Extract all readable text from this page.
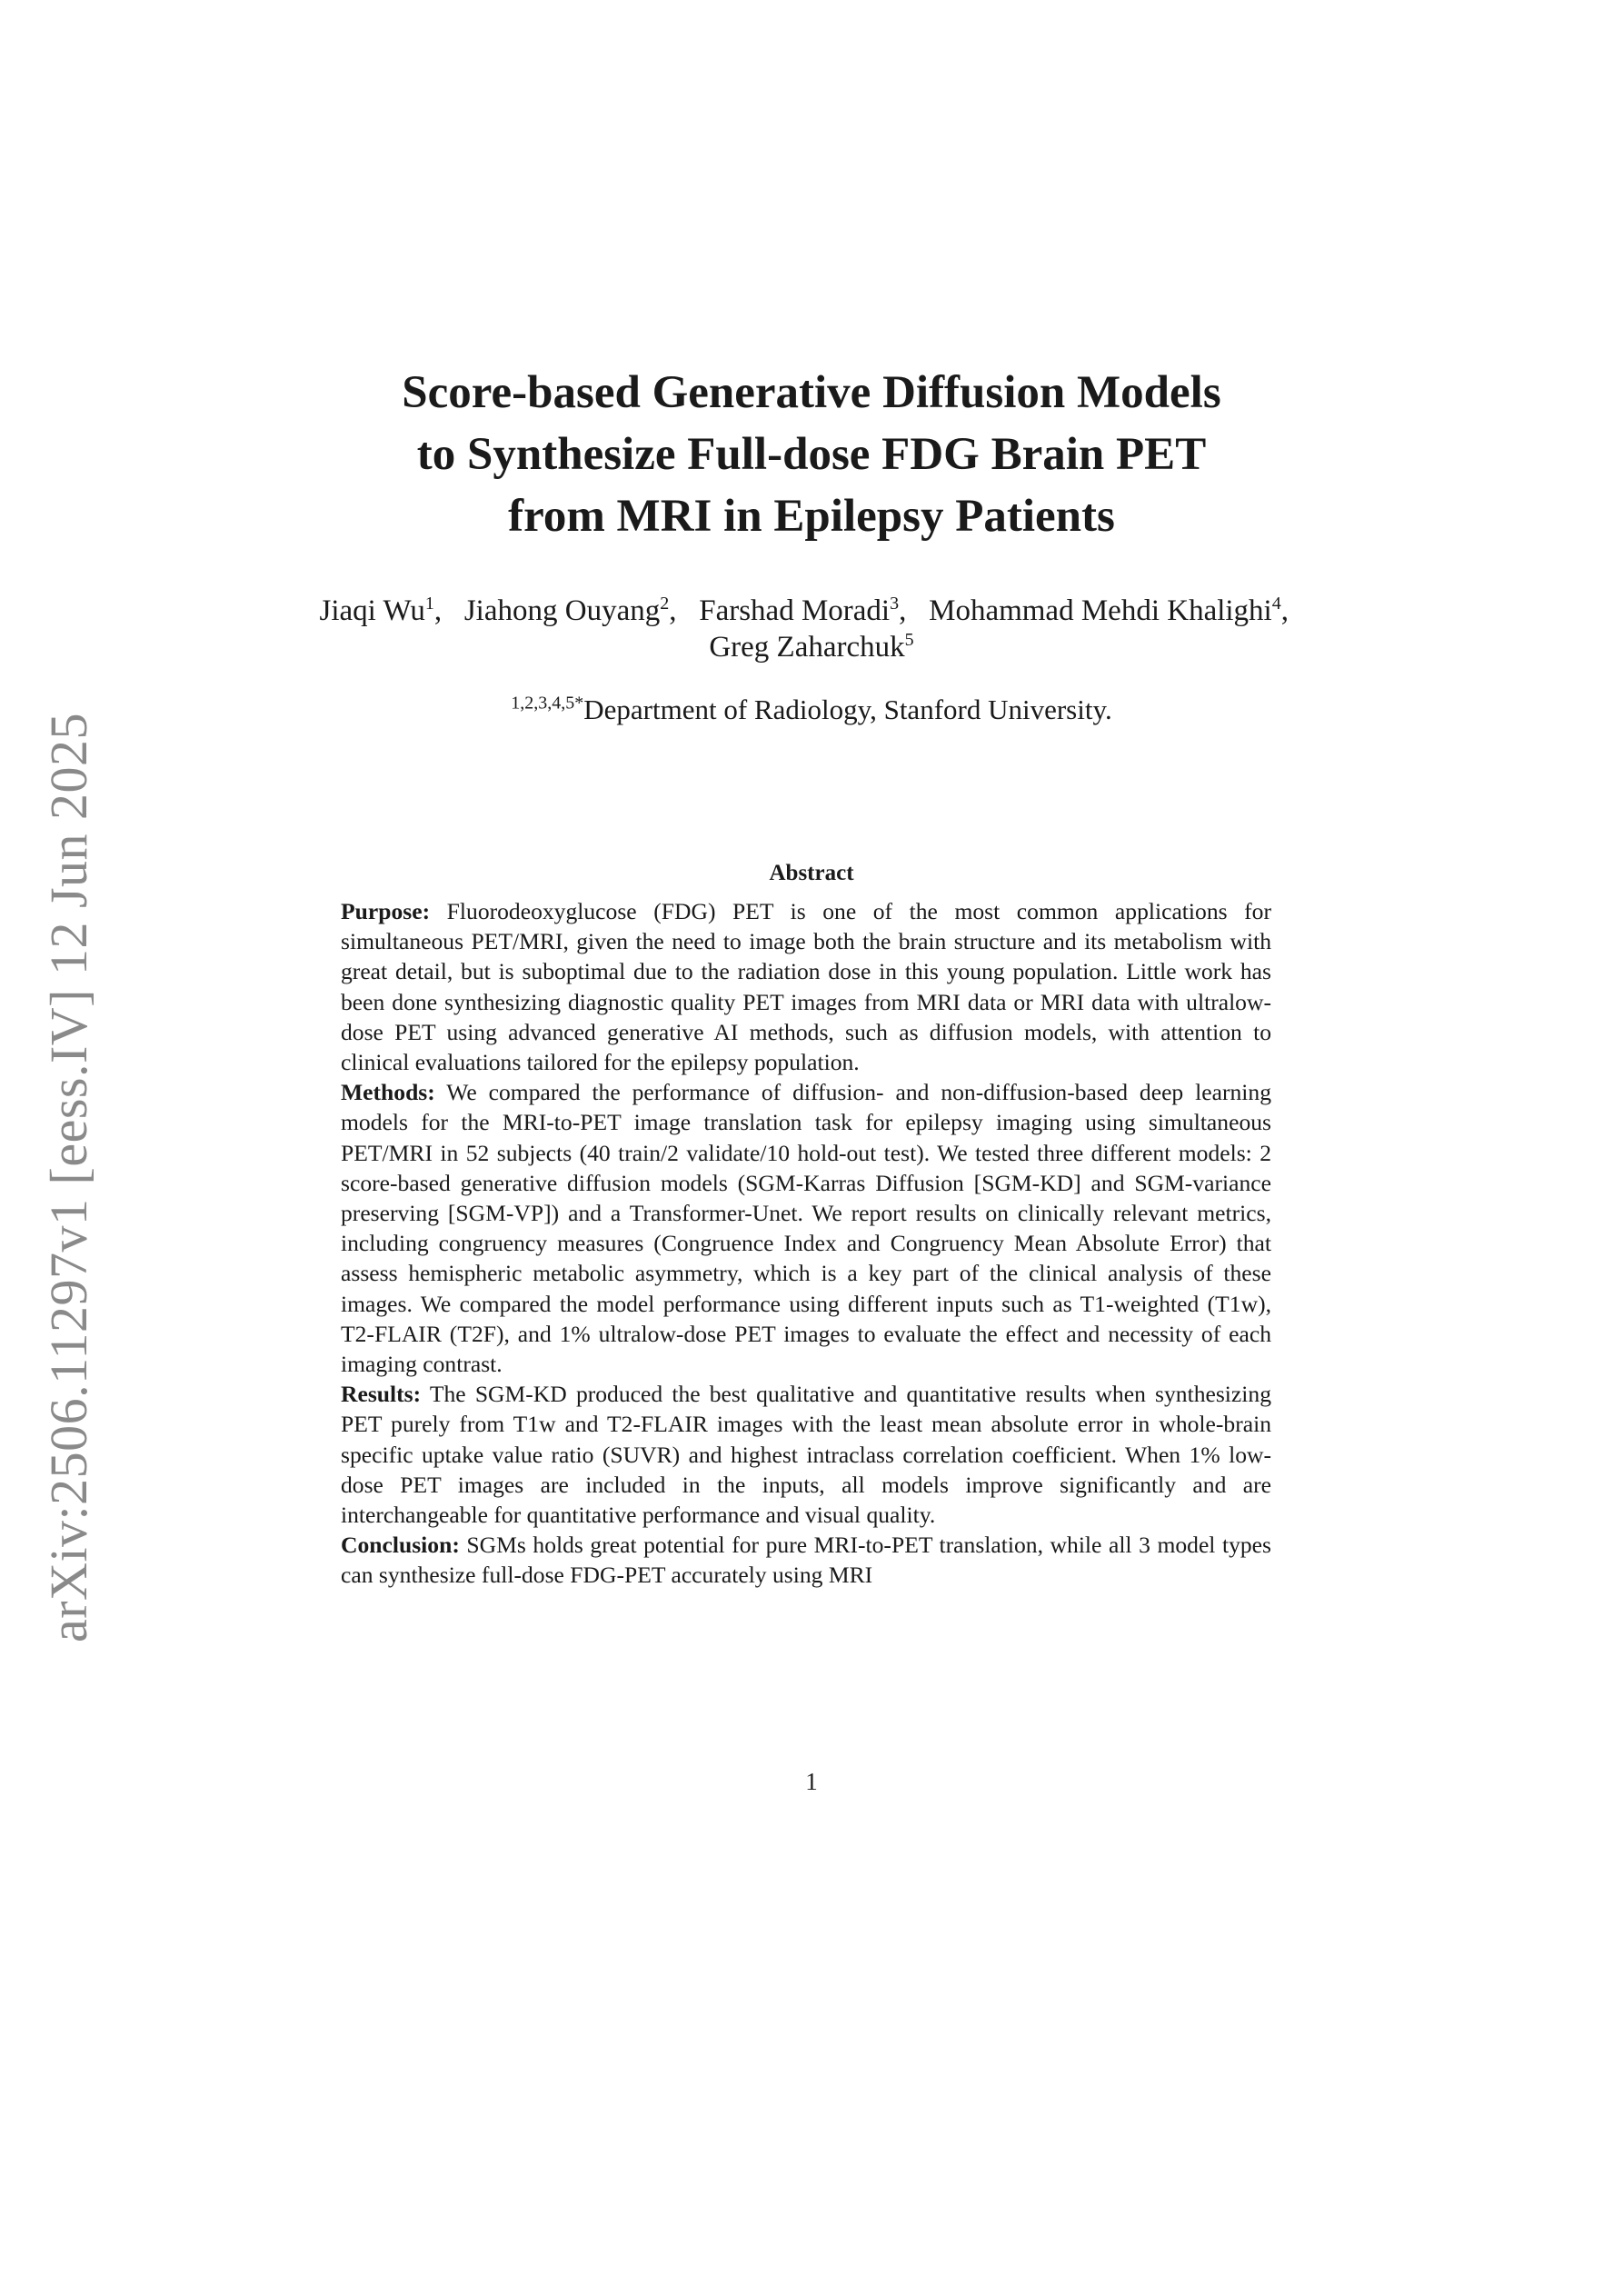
arXiv:2506.11297v1 [eess.IV] 12 Jun 2025
Score-based Generative Diffusion Models
to Synthesize Full-dose FDG Brain PET
from MRI in Epilepsy Patients
Jiaqi Wu$^1$,   Jiahong Ouyang$^2$,   Farshad Moradi$^3$,   Mohammad Mehdi Khalighi$^4$,   Greg Zaharchuk$^5$
$^{1,2,3,4,5*}$Department of Radiology, Stanford University.
Abstract

Purpose: Fluorodeoxyglucose (FDG) PET is one of the most common applications for simultaneous PET/MRI, given the need to image both the brain structure and its metabolism with great detail, but is suboptimal due to the radiation dose in this young population. Little work has been done synthesizing diagnostic quality PET images from MRI data or MRI data with ultralow-dose PET using advanced generative AI methods, such as diffusion models, with attention to clinical evaluations tailored for the epilepsy population.

Methods: We compared the performance of diffusion- and non-diffusion-based deep learning models for the MRI-to-PET image translation task for epilepsy imaging using simultaneous PET/MRI in 52 subjects (40 train/2 validate/10 hold-out test). We tested three different models: 2 score-based generative diffusion models (SGM-Karras Diffusion [SGM-KD] and SGM-variance preserving [SGM-VP]) and a Transformer-Unet. We report results on clinically relevant metrics, including congruency measures (Congruence Index and Congruency Mean Absolute Error) that assess hemispheric metabolic asymmetry, which is a key part of the clinical analysis of these images. We compared the model performance using different inputs such as T1-weighted (T1w), T2-FLAIR (T2F), and 1% ultralow-dose PET images to evaluate the effect and necessity of each imaging contrast.

Results: The SGM-KD produced the best qualitative and quantitative results when synthesizing PET purely from T1w and T2-FLAIR images with the least mean absolute error in whole-brain specific uptake value ratio (SUVR) and highest intraclass correlation coefficient. When 1% low-dose PET images are included in the inputs, all models improve significantly and are interchangeable for quantitative performance and visual quality.

Conclusion: SGMs holds great potential for pure MRI-to-PET translation, while all 3 model types can synthesize full-dose FDG-PET accurately using MRI

1
